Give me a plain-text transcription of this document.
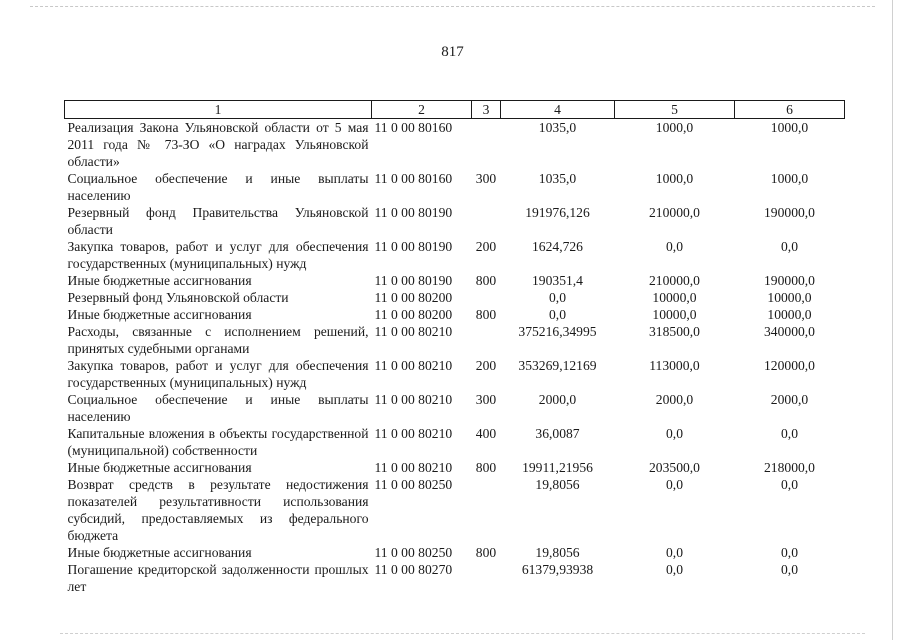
817
1	2	3	4	5	6
Реализация Закона Ульяновской области от 5 мая 2011 года № 73-ЗО «О наградах Ульяновской области»	11 0 00 80160		1035,0	1000,0	1000,0
Социальное обеспечение и иные выплаты населению	11 0 00 80160	300	1035,0	1000,0	1000,0
Резервный фонд Правительства Ульяновской области	11 0 00 80190		191976,126	210000,0	190000,0
Закупка товаров, работ и услуг для обеспечения государственных (муниципальных) нужд	11 0 00 80190	200	1624,726	0,0	0,0
Иные бюджетные ассигнования	11 0 00 80190	800	190351,4	210000,0	190000,0
Резервный фонд Ульяновской области	11 0 00 80200		0,0	10000,0	10000,0
Иные бюджетные ассигнования	11 0 00 80200	800	0,0	10000,0	10000,0
Расходы, связанные с исполнением решений, принятых судебными органами	11 0 00 80210		375216,34995	318500,0	340000,0
Закупка товаров, работ и услуг для обеспечения государственных (муниципальных) нужд	11 0 00 80210	200	353269,12169	113000,0	120000,0
Социальное обеспечение и иные выплаты населению	11 0 00 80210	300	2000,0	2000,0	2000,0
Капитальные вложения в объекты государственной (муниципальной) собственности	11 0 00 80210	400	36,0087	0,0	0,0
Иные бюджетные ассигнования	11 0 00 80210	800	19911,21956	203500,0	218000,0
Возврат средств в результате недостижения показателей результативности использования субсидий, предоставляемых из федерального бюджета	11 0 00 80250		19,8056	0,0	0,0
Иные бюджетные ассигнования	11 0 00 80250	800	19,8056	0,0	0,0
Погашение кредиторской задолженности прошлых лет	11 0 00 80270		61379,93938	0,0	0,0
